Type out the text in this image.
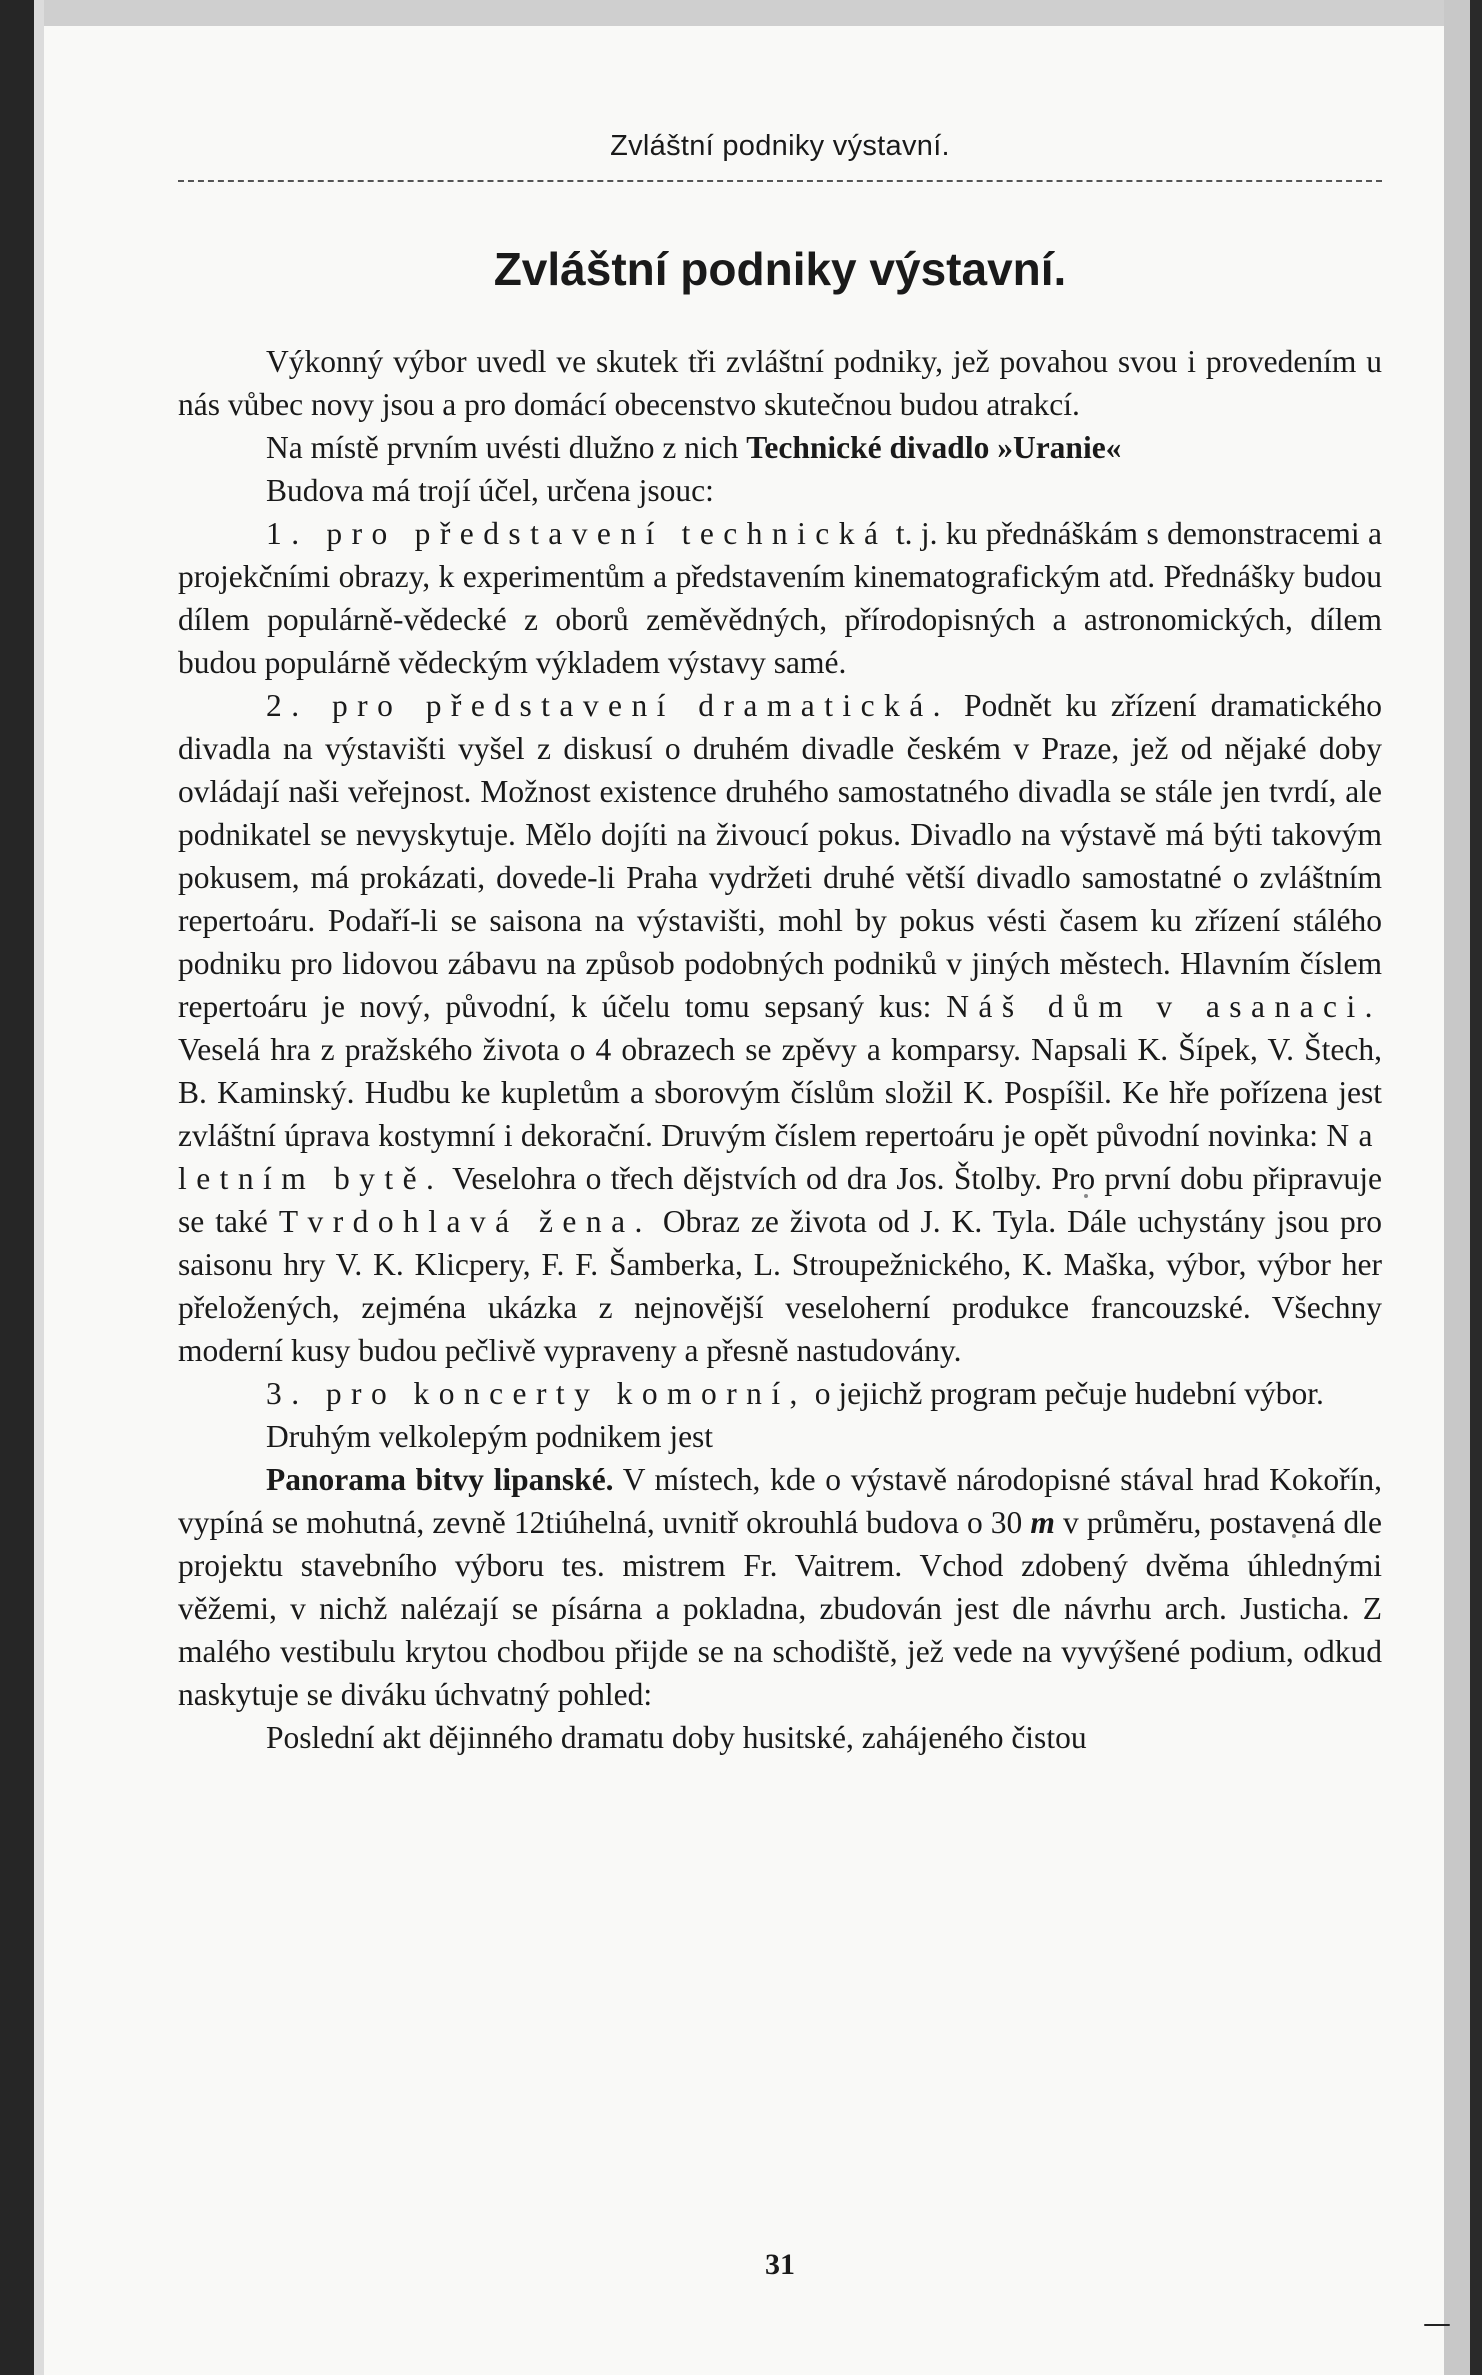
Zvláštní podniky výstavní.
Zvláštní podniky výstavní.

Výkonný výbor uvedl ve skutek tři zvláštní podniky, jež povahou svou i provedením u nás vůbec novy jsou a pro domácí obecenstvo skutečnou budou atrakcí.

Na místě prvním uvésti dlužno z nich Technické divadlo »Uranie«

Budova má trojí účel, určena jsouc:

1. pro představení technická t. j. ku přednáškám s demonstracemi a projekčními obrazy, k experimentům a představením kinematografickým atd. Přednášky budou dílem populárně-vědecké z oborů zeměvědných, přírodopisných a astronomických, dílem budou populárně vědeckým výkladem výstavy samé.

2. pro představení dramatická. Podnět ku zřízení dramatického divadla na výstavišti vyšel z diskusí o druhém divadle českém v Praze, jež od nějaké doby ovládají naši veřejnost. Možnost existence druhého samostatného divadla se stále jen tvrdí, ale podnikatel se nevyskytuje. Mělo dojíti na živoucí pokus. Divadlo na výstavě má býti takovým pokusem, má prokázati, dovede-li Praha vydržeti druhé větší divadlo samostatné o zvláštním repertoáru. Podaří-li se saisona na výstavišti, mohl by pokus vésti časem ku zřízení stálého podniku pro lidovou zábavu na způsob podobných podniků v jiných městech. Hlavním číslem repertoáru je nový, původní, k účelu tomu sepsaný kus: Náš dům v asanaci. Veselá hra z pražského života o 4 obrazech se zpěvy a komparsy. Napsali K. Šípek, V. Štech, B. Kaminský. Hudbu ke kupletům a sborovým číslům složil K. Pospíšil. Ke hře pořízena jest zvláštní úprava kostymní i dekorační. Druvým číslem repertoáru je opět původní novinka: Na letním bytě. Veselohra o třech dějstvích od dra Jos. Štolby. Pro první dobu připravuje se také Tvrdohlavá žena. Obraz ze života od J. K. Tyla. Dále uchystány jsou pro saisonu hry V. K. Klicpery, F. F. Šamberka, L. Stroupežnického, K. Maška, výbor, výbor her přeložených, zejména ukázka z nejnovější veseloherní produkce francouzské. Všechny moderní kusy budou pečlivě vypraveny a přesně nastudovány.

3. pro koncerty komorní, o jejichž program pečuje hudební výbor.

Druhým velkolepým podnikem jest

Panorama bitvy lipanské. V místech, kde o výstavě národopisné stával hrad Kokořín, vypíná se mohutná, zevně 12tiúhelná, uvnitř okrouhlá budova o 30 m v průměru, postavená dle projektu stavebního výboru tes. mistrem Fr. Vaitrem. Vchod zdobený dvěma úhlednými věžemi, v nichž nalézají se písárna a pokladna, zbudován jest dle návrhu arch. Justicha. Z malého vestibulu krytou chodbou přijde se na schodiště, jež vede na vyvýšené podium, odkud naskytuje se diváku úchvatný pohled:

Poslední akt dějinného dramatu doby husitské, zahájeného čistou

31
